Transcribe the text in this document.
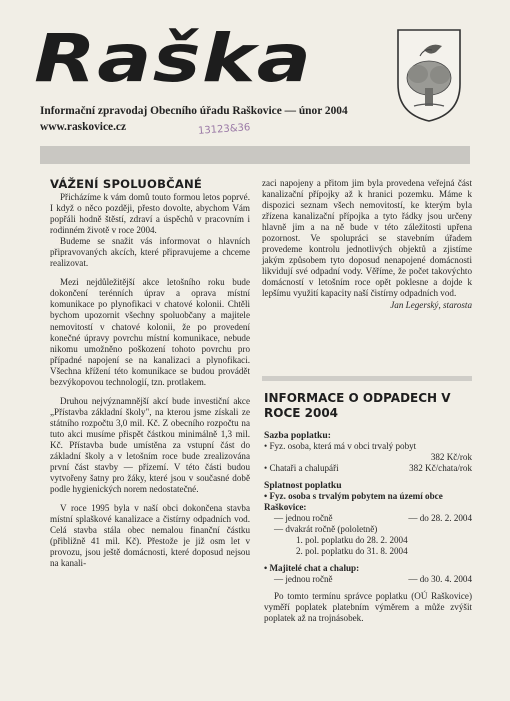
Raška
Informační zpravodaj Obecního úřadu Raškovice — únor 2004
www.raskovice.cz	13123&36
VÁŽENÍ SPOLUOBČANÉ

Přicházíme k vám domů touto formou letos poprvé. I když o něco později, přesto dovolte, abychom Vám popřáli hodně štěstí, zdraví a úspěchů v pracovním i rodinném životě v roce 2004.

Budeme se snažit vás informovat o hlavních připravovaných akcích, které připravujeme a chceme realizovat.

Mezi nejdůležitější akce letošního roku bude dokončení terénních úprav a oprava místní komunikace po plynofikaci v chatové kolonii. Chtěli bychom upozornit všechny spoluobčany a majitele nemovitostí v chatové kolonii, že po provedení konečné úpravy povrchu místní komunikace, nebude nikomu umožněno poškození tohoto povrchu pro případné napojení se na kanalizaci a plynofikaci. Všechna křížení této komunikace se budou provádět bezvýkopovou technologií, tzn. protlakem.

Druhou nejvýznamnější akcí bude investiční akce „Přístavba základní školy", na kterou jsme získali ze státního rozpočtu 3,0 mil. Kč. Z obecního rozpočtu na tuto akci musíme přispět částkou minimálně 1,3 mil. Kč. Přístavba bude umístěna za vstupní část do základní školy a v letošním roce bude zrealizována první část stavby — přízemí. V této části budou vytvořeny šatny pro žáky, které jsou v současné době podle hygienických norem nedostatečné.

V roce 1995 byla v naší obci dokončena stavba místní splaškové kanalizace a čistírny odpadních vod. Celá stavba stála obec nemalou finanční částku (přibližně 41 mil. Kč). Přestože je již osm let v provozu, jsou ještě domácnosti, které doposud nejsou na kanali-

zaci napojeny a přitom jim byla provedena veřejná část kanalizační přípojky až k hranici pozemku. Máme k dispozici seznam všech nemovitostí, ke kterým byla zřízena kanalizační přípojka a tyto řádky jsou určeny hlavně jim a na ně bude v této záležitosti upřena pozornost. Ve spolupráci se stavebním úřadem provedeme kontrolu jednotlivých objektů a zjistíme jakým způsobem tyto doposud nenapojené domácnosti likvidují své odpadní vody. Věříme, že počet takovýchto domácností v letošním roce opět poklesne a dojde k lepšímu využití kapacity naší čistírny odpadních vod.

Jan Legerský, starosta

INFORMACE O ODPADECH V ROCE 2004

Sazba poplatku:

• Fyz. osoba, která má v obci trvalý pobyt

382 Kč/rok

• Chataři a chalupáři	382 Kč/chata/rok

Splatnost poplatku

• Fyz. osoba s trvalým pobytem na území obce Raškovice:

— jednou ročně	— do 28. 2. 2004

— dvakrát ročně (pololetně)

1. pol. poplatku do 28. 2. 2004

2. pol. poplatku do 31. 8. 2004

• Majitelé chat a chalup:

— jednou ročně	— do 30. 4. 2004

Po tomto termínu správce poplatku (OÚ Raškovice) vyměří poplatek platebním výměrem a může zvýšit poplatek až na trojnásobek.
